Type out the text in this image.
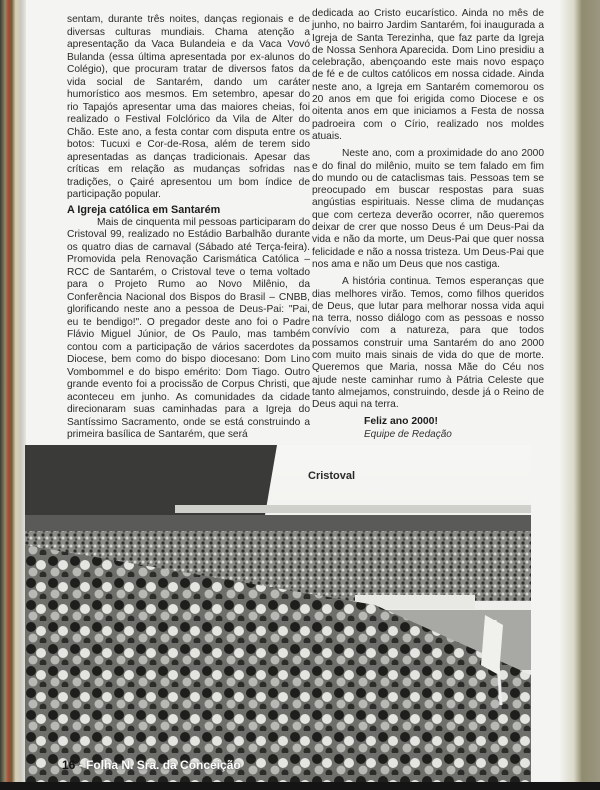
sentam, durante três noites, danças regionais e de diversas culturas mundiais. Chama atenção a apresentação da Vaca Bulandeia e da Vaca Vovó Bulanda (essa última apresentada por ex-alunos do Colégio), que procuram tratar de diversos fatos da vida social de Santarém, dando um caráter humorístico aos mesmos. Em setembro, apesar do rio Tapajós apresentar uma das maiores cheias, foi realizado o Festival Folclórico da Vila de Alter do Chão. Este ano, a festa contar com disputa entre os botos: Tucuxi e Cor-de-Rosa, além de terem sido apresentadas as danças tradicionais. Apesar das críticas em relação as mudanças sofridas nas tradições, o Çairé apresentou um bom índice de participação popular.

A Igreja católica em Santarém

Mais de cinquenta mil pessoas participaram do Cristoval 99, realizado no Estádio Barbalhão durante os quatro dias de carnaval (Sábado até Terça-feira). Promovida pela Renovação Carismática Católica – RCC de Santarém, o Cristoval teve o tema voltado para o Projeto Rumo ao Novo Milênio, da Conferência Nacional dos Bispos do Brasil – CNBB, glorificando neste ano a pessoa de Deus-Pai: "Pai, eu te bendigo!". O pregador deste ano foi o Padre Flávio Miguel Júnior, de Os Paulo, mas também contou com a participação de vários sacerdotes da Diocese, bem como do bispo diocesano: Dom Lino Vombommel e do bispo emérito: Dom Tiago. Outro grande evento foi a procissão de Corpus Christi, que aconteceu em junho. As comunidades da cidade direcionaram suas caminhadas para a Igreja do Santíssimo Sacramento, onde se está construindo a primeira basílica de Santarém, que será

dedicada ao Cristo eucarístico. Ainda no mês de junho, no bairro Jardim Santarém, foi inaugurada a Igreja de Santa Terezinha, que faz parte da Igreja de Nossa Senhora Aparecida. Dom Lino presidiu a celebração, abençoando este mais novo espaço de fé e de cultos católicos em nossa cidade. Ainda neste ano, a Igreja em Santarém comemorou os 20 anos em que foi erigida como Diocese e os oitenta anos em que iniciamos a Festa de nossa padroeira com o Círio, realizado nos moldes atuais.

Neste ano, com a proximidade do ano 2000 e do final do milênio, muito se tem falado em fim do mundo ou de cataclismas tais. Pessoas tem se preocupado em buscar respostas para suas angústias espirituais. Nesse clima de mudanças que com certeza deverão ocorrer, não queremos deixar de crer que nosso Deus é um Deus-Pai da vida e não da morte, um Deus-Pai que quer nossa felicidade e não a nossa tristeza. Um Deus-Pai que nos ama e não um Deus que nos castiga.

A história continua. Temos esperanças que dias melhores virão. Temos, como filhos queridos de Deus, que lutar para melhorar nossa vida aqui na terra, nosso diálogo com as pessoas e nosso convívio com a natureza, para que todos possamos construir uma Santarém do ano 2000 com muito mais sinais de vida do que de morte. Queremos que Maria, nossa Mãe do Céu nos ajude neste caminhar rumo à Pátria Celeste que tanto almejamos, construindo, desde já o Reino de Deus aqui na terra.

Feliz ano 2000!

Equipe de Redação

Cristoval
16 - Folha N. Sra. da Conceição
